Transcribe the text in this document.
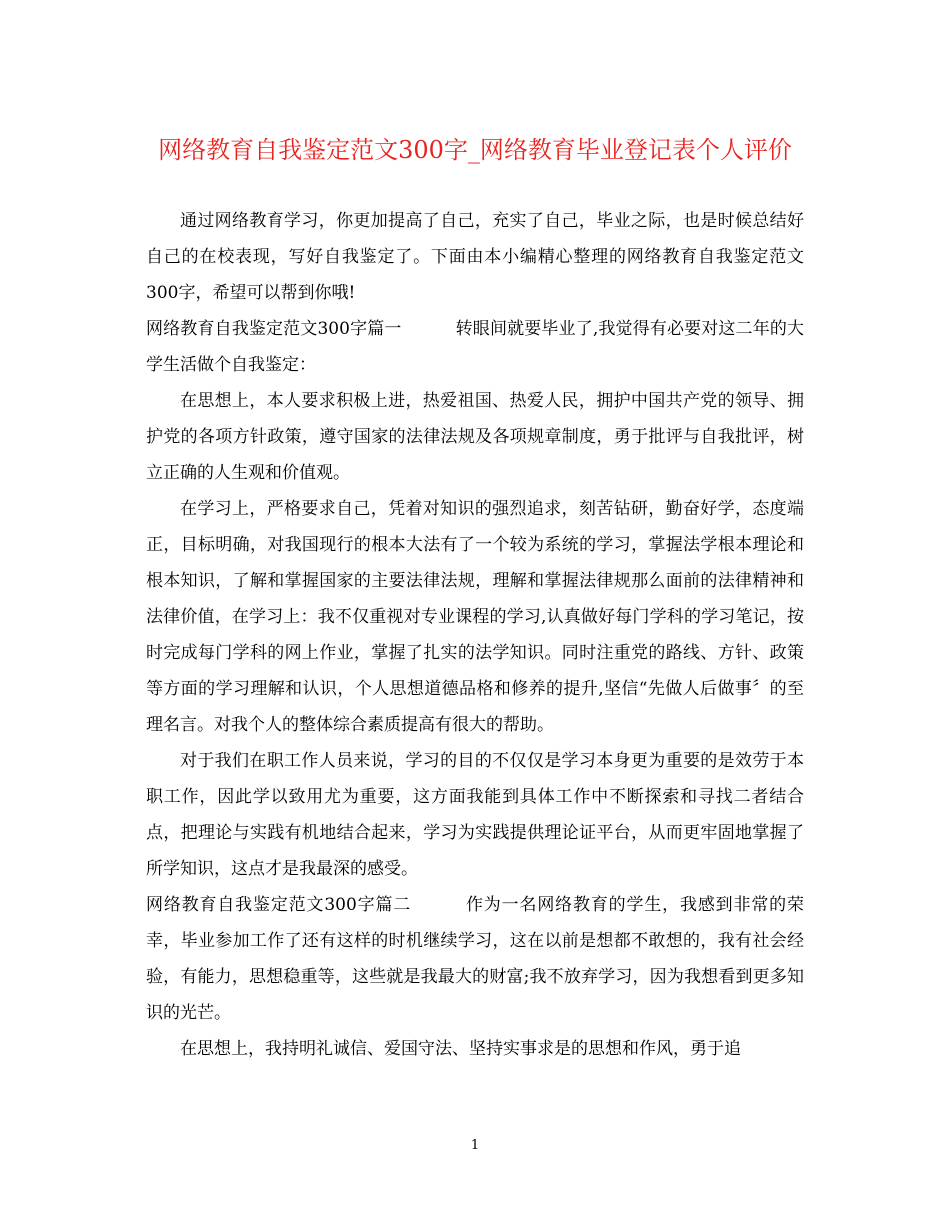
网络教育自我鉴定范文300字_网络教育毕业登记表个人评价

通过网络教育学习，你更加提高了自己，充实了自己，毕业之际，也是时候总结好自己的在校表现，写好自我鉴定了。下面由本小编精心整理的网络教育自我鉴定范文300字，希望可以帮到你哦!

网络教育自我鉴定范文300字篇一	转眼间就要毕业了,我觉得有必要对这二年的大学生活做个自我鉴定：

在思想上，本人要求积极上进，热爱祖国、热爱人民，拥护中国共产党的领导、拥护党的各项方针政策，遵守国家的法律法规及各项规章制度，勇于批评与自我批评，树立正确的人生观和价值观。

在学习上，严格要求自己，凭着对知识的强烈追求，刻苦钻研，勤奋好学，态度端正，目标明确，对我国现行的根本大法有了一个较为系统的学习，掌握法学根本理论和根本知识，了解和掌握国家的主要法律法规，理解和掌握法律规那么面前的法律精神和法律价值，在学习上：我不仅重视对专业课程的学习,认真做好每门学科的学习笔记，按时完成每门学科的网上作业，掌握了扎实的法学知识。同时注重党的路线、方针、政策等方面的学习理解和认识，个人思想道德品格和修养的提升,坚信“先做人后做事〞的至理名言。对我个人的整体综合素质提高有很大的帮助。

对于我们在职工作人员来说，学习的目的不仅仅是学习本身更为重要的是效劳于本职工作，因此学以致用尤为重要，这方面我能到具体工作中不断探索和寻找二者结合点，把理论与实践有机地结合起来，学习为实践提供理论证平台，从而更牢固地掌握了所学知识，这点才是我最深的感受。

网络教育自我鉴定范文300字篇二	作为一名网络教育的学生，我感到非常的荣幸，毕业参加工作了还有这样的时机继续学习，这在以前是想都不敢想的，我有社会经验，有能力，思想稳重等，这些就是我最大的财富;我不放弃学习，因为我想看到更多知识的光芒。

在思想上，我持明礼诚信、爱国守法、坚持实事求是的思想和作风，勇于追

1
